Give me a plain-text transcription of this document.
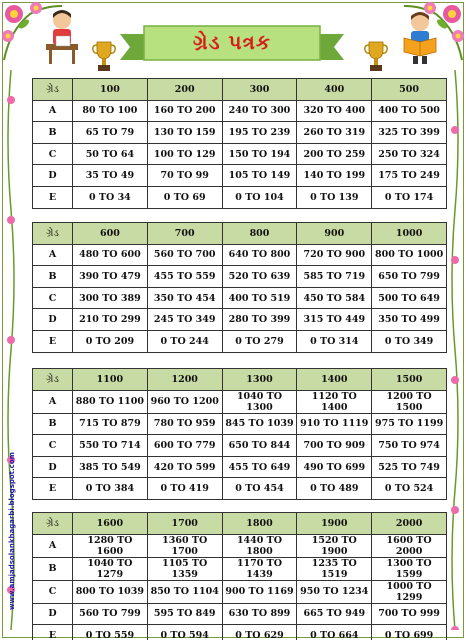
ગ્રેડ પત્રક
www.amjadsolankhagarbi.blogspot.com
ગ્રેડ	100	200	300	400	500
A	80 TO 100	160 TO 200	240 TO 300	320 TO 400	400 TO 500
B	65 TO 79	130 TO 159	195 TO 239	260 TO 319	325 TO 399
C	50 TO 64	100 TO 129	150 TO 194	200 TO 259	250 TO 324
D	35 TO 49	70 TO 99	105 TO 149	140 TO 199	175 TO 249
E	0 TO 34	0 TO 69	0 TO 104	0 TO 139	0 TO 174
ગ્રેડ	600	700	800	900	1000
A	480 TO 600	560 TO 700	640 TO 800	720 TO 900	800 TO 1000
B	390 TO 479	455 TO 559	520 TO 639	585 TO 719	650 TO 799
C	300 TO 389	350 TO 454	400 TO 519	450 TO 584	500 TO 649
D	210 TO 299	245 TO 349	280 TO 399	315 TO 449	350 TO 499
E	0 TO 209	0 TO 244	0 TO 279	0 TO 314	0 TO 349
ગ્રેડ	1100	1200	1300	1400	1500
A	880 TO 1100	960 TO 1200	1040 TO 1300	1120 TO 1400	1200 TO 1500
B	715 TO 879	780 TO 959	845 TO 1039	910 TO 1119	975 TO 1199
C	550 TO 714	600 TO 779	650 TO 844	700 TO 909	750 TO 974
D	385 TO 549	420 TO 599	455 TO 649	490 TO 699	525 TO 749
E	0 TO 384	0 TO 419	0 TO 454	0 TO 489	0 TO 524
ગ્રેડ	1600	1700	1800	1900	2000
A	1280 TO 1600	1360 TO 1700	1440 TO 1800	1520 TO 1900	1600 TO 2000
B	1040 TO 1279	1105 TO 1359	1170 TO 1439	1235 TO 1519	1300 TO 1599
C	800 TO 1039	850 TO 1104	900 TO 1169	950 TO 1234	1000 TO 1299
D	560 TO 799	595 TO 849	630 TO 899	665 TO 949	700 TO 999
E	0 TO 559	0 TO 594	0 TO 629	0 TO 664	0 TO 699
